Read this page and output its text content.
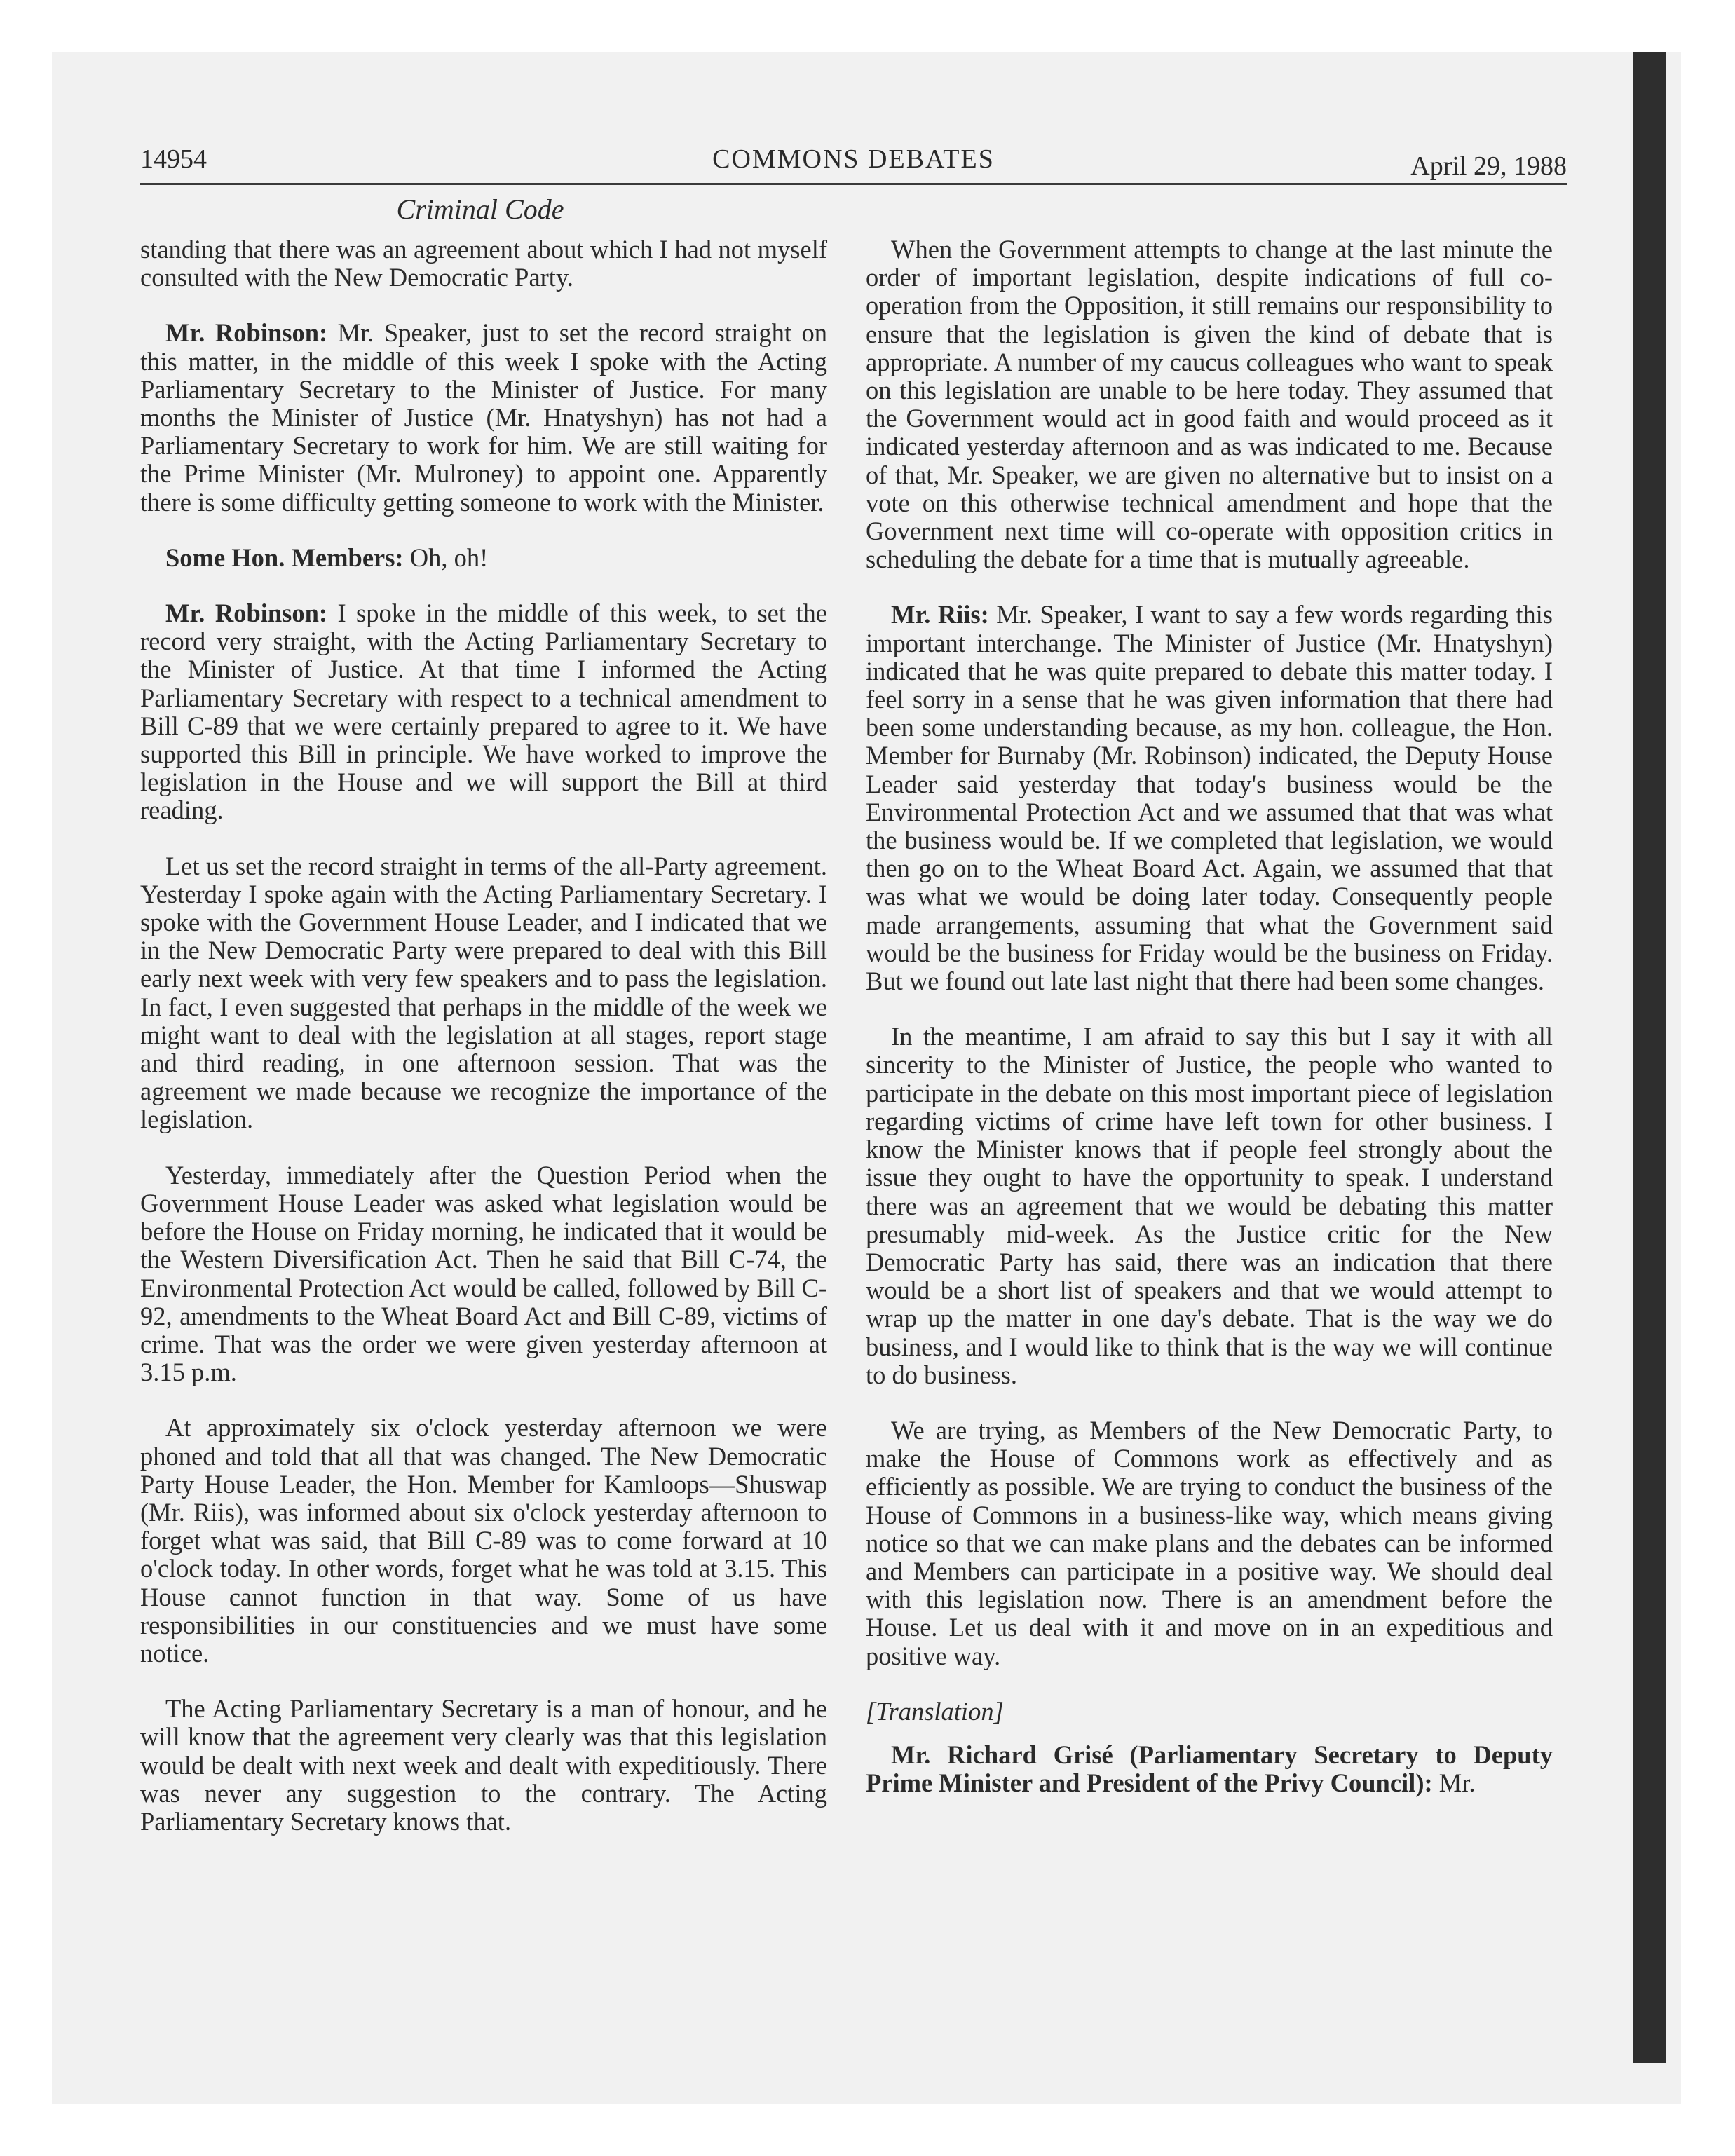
14954	COMMONS DEBATES	April 29, 1988
Criminal Code

standing that there was an agreement about which I had not myself consulted with the New Democratic Party.

Mr. Robinson: Mr. Speaker, just to set the record straight on this matter, in the middle of this week I spoke with the Acting Parliamentary Secretary to the Minister of Justice. For many months the Minister of Justice (Mr. Hnatyshyn) has not had a Parliamentary Secretary to work for him. We are still waiting for the Prime Minister (Mr. Mulroney) to appoint one. Apparently there is some difficulty getting someone to work with the Minister.

Some Hon. Members: Oh, oh!

Mr. Robinson: I spoke in the middle of this week, to set the record very straight, with the Acting Parliamentary Secretary to the Minister of Justice. At that time I informed the Acting Parliamentary Secretary with respect to a technical amendment to Bill C-89 that we were certainly prepared to agree to it. We have supported this Bill in principle. We have worked to improve the legislation in the House and we will support the Bill at third reading.

Let us set the record straight in terms of the all-Party agreement. Yesterday I spoke again with the Acting Parliamentary Secretary. I spoke with the Government House Leader, and I indicated that we in the New Democratic Party were prepared to deal with this Bill early next week with very few speakers and to pass the legislation. In fact, I even suggested that perhaps in the middle of the week we might want to deal with the legislation at all stages, report stage and third reading, in one afternoon session. That was the agreement we made because we recognize the importance of the legislation.

Yesterday, immediately after the Question Period when the Government House Leader was asked what legislation would be before the House on Friday morning, he indicated that it would be the Western Diversification Act. Then he said that Bill C-74, the Environmental Protection Act would be called, followed by Bill C-92, amendments to the Wheat Board Act and Bill C-89, victims of crime. That was the order we were given yesterday afternoon at 3.15 p.m.

At approximately six o'clock yesterday afternoon we were phoned and told that all that was changed. The New Democratic Party House Leader, the Hon. Member for Kamloops—Shuswap (Mr. Riis), was informed about six o'clock yesterday afternoon to forget what was said, that Bill C-89 was to come forward at 10 o'clock today. In other words, forget what he was told at 3.15. This House cannot function in that way. Some of us have responsibilities in our constituencies and we must have some notice.

The Acting Parliamentary Secretary is a man of honour, and he will know that the agreement very clearly was that this legislation would be dealt with next week and dealt with expeditiously. There was never any suggestion to the contrary. The Acting Parliamentary Secretary knows that.

When the Government attempts to change at the last minute the order of important legislation, despite indications of full co-operation from the Opposition, it still remains our responsibility to ensure that the legislation is given the kind of debate that is appropriate. A number of my caucus colleagues who want to speak on this legislation are unable to be here today. They assumed that the Government would act in good faith and would proceed as it indicated yesterday afternoon and as was indicated to me. Because of that, Mr. Speaker, we are given no alternative but to insist on a vote on this otherwise technical amendment and hope that the Government next time will co-operate with opposition critics in scheduling the debate for a time that is mutually agreeable.

Mr. Riis: Mr. Speaker, I want to say a few words regarding this important interchange. The Minister of Justice (Mr. Hnatyshyn) indicated that he was quite prepared to debate this matter today. I feel sorry in a sense that he was given information that there had been some understanding because, as my hon. colleague, the Hon. Member for Burnaby (Mr. Robinson) indicated, the Deputy House Leader said yesterday that today's business would be the Environmental Protection Act and we assumed that that was what the business would be. If we completed that legislation, we would then go on to the Wheat Board Act. Again, we assumed that that was what we would be doing later today. Consequently people made arrangements, assuming that what the Government said would be the business for Friday would be the business on Friday. But we found out late last night that there had been some changes.

In the meantime, I am afraid to say this but I say it with all sincerity to the Minister of Justice, the people who wanted to participate in the debate on this most important piece of legislation regarding victims of crime have left town for other business. I know the Minister knows that if people feel strongly about the issue they ought to have the opportunity to speak. I understand there was an agreement that we would be debating this matter presumably mid-week. As the Justice critic for the New Democratic Party has said, there was an indication that there would be a short list of speakers and that we would attempt to wrap up the matter in one day's debate. That is the way we do business, and I would like to think that is the way we will continue to do business.

We are trying, as Members of the New Democratic Party, to make the House of Commons work as effectively and as efficiently as possible. We are trying to conduct the business of the House of Commons in a business-like way, which means giving notice so that we can make plans and the debates can be informed and Members can participate in a positive way. We should deal with this legislation now. There is an amendment before the House. Let us deal with it and move on in an expeditious and positive way.

[Translation]

Mr. Richard Grisé (Parliamentary Secretary to Deputy Prime Minister and President of the Privy Council): Mr.
